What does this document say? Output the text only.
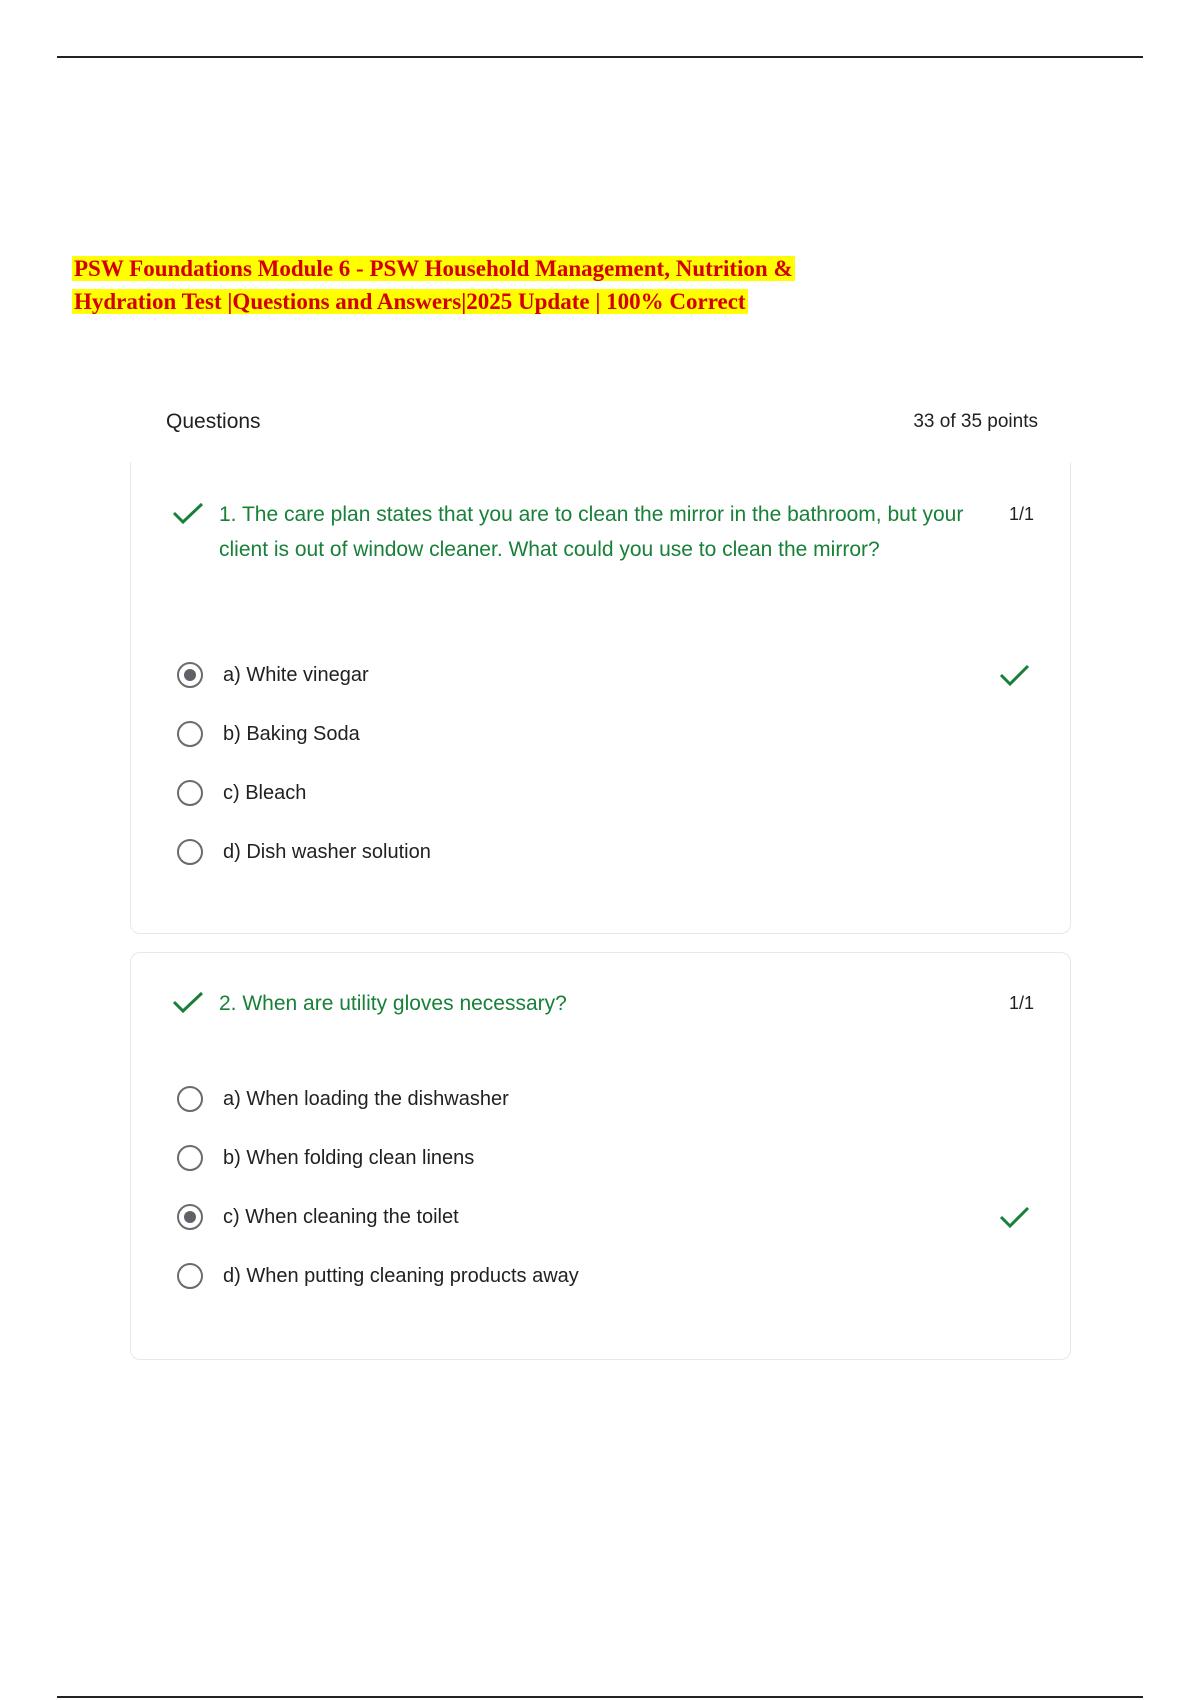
PSW Foundations Module 6 - PSW Household Management, Nutrition &
Hydration Test |Questions and Answers|2025 Update | 100% Correct
Questions	33 of 35 points

1. The care plan states that you are to clean the mirror in the bathroom, but your client is out of window cleaner. What could you use to clean the mirror?

1/1
a) White vinegar
b) Baking Soda
c) Bleach
d) Dish washer solution

2. When are utility gloves necessary?	1/1
a) When loading the dishwasher
b) When folding clean linens
c) When cleaning the toilet
d) When putting cleaning products away
